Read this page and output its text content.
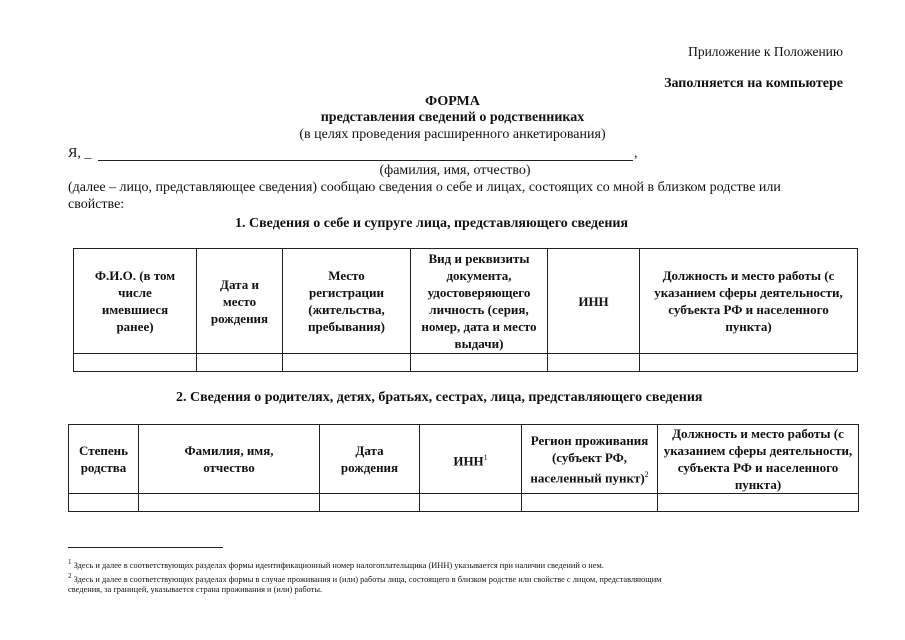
Приложение к Положению
Заполняется на компьютере
ФОРМА
представления сведений о родственниках
(в целях проведения расширенного анкетирования)
Я, _	,
(фамилия, имя, отчество)
(далее – лицо, представляющее сведения) сообщаю сведения о себе и лицах, состоящих со мной в близком родстве или
свойстве:
1. Сведения о себе и супруге лица, представляющего сведения
Ф.И.О. (в том числе имевшиеся ранее)	Дата и место рождения	Место регистрации (жительства, пребывания)	Вид и реквизиты документа, удостоверяющего личность (серия, номер, дата и место выдачи)	ИНН	Должность и место работы (с указанием сферы деятельности, субъекта РФ и населенного пункта)

2. Сведения о родителях, детях, братьях, сестрах, лица, представляющего сведения
Степень родства	Фамилия, имя, отчество	Дата рождения	ИНН$^1$	Регион проживания (субъект РФ, населенный пункт)$^2$	Должность и место работы (с указанием сферы деятельности, субъекта РФ и населенного пункта)

$^1$ Здесь и далее в соответствующих разделах формы идентификационный номер налогоплательщика (ИНН) указывается при наличии сведений о нем.
$^2$ Здесь и далее в соответствующих разделах формы в случае проживания и (или) работы лица, состоящего в близком родстве или свойстве с лицом, представляющим
сведения, за границей, указывается страна проживания и (или) работы.
